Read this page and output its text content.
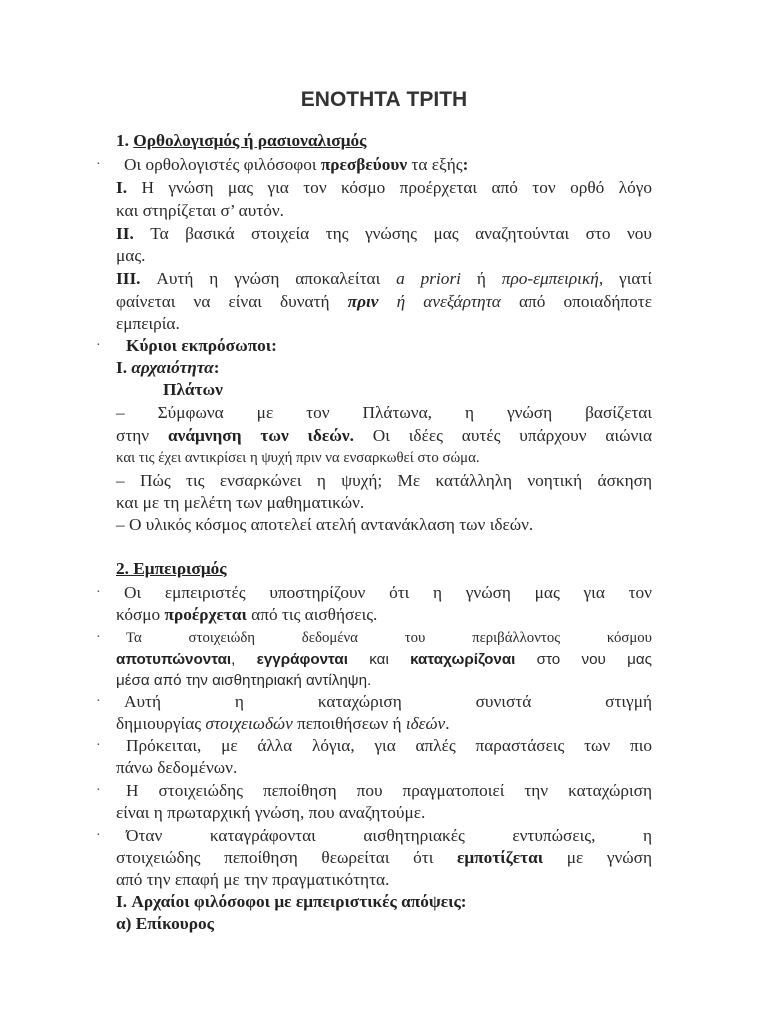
ΕΝΟΤΗΤΑ ΤΡΙΤΗ
1. Ορθολογισμός ή ρασιοναλισμός
· Οι ορθολογιστές φιλόσοφοι πρεσβεύουν τα εξής:
I. Η γνώση μας για τον κόσμο προέρχεται από τον ορθό λόγο
και στηρίζεται σ’ αυτόν.
II. Τα βασικά στοιχεία της γνώσης μας αναζητούνται στο νου
μας.
III. Αυτή η γνώση αποκαλείται a priori ή προ-εμπειρική, γιατί
φαίνεται να είναι δυνατή πριν ή ανεξάρτητα από οποιαδήποτε
εμπειρία.
· Κύριοι εκπρόσωποι:
I. αρχαιότητα:
Πλάτων
– Σύμφωνα με τον Πλάτωνα, η γνώση βασίζεται
στην ανάμνηση των ιδεών. Οι ιδέες αυτές υπάρχουν αιώνια
και τις έχει αντικρίσει η ψυχή πριν να ενσαρκωθεί στο σώμα.
– Πώς τις ενσαρκώνει η ψυχή; Με κατάλληλη νοητική άσκηση
και με τη μελέτη των μαθηματικών.
– Ο υλικός κόσμος αποτελεί ατελή αντανάκλαση των ιδεών.
2. Εμπειρισμός
· Οι εμπειριστές υποστηρίζουν ότι η γνώση μας για τον
κόσμο προέρχεται από τις αισθήσεις.
· Τα στοιχειώδη δεδομένα του περιβάλλοντος κόσμου
αποτυπώνονται, εγγράφονται και καταχωρίζοναι στο νου μας
μέσα από την αισθητηριακή αντίληψη.
· Αυτή η καταχώριση συνιστά στιγμή
δημιουργίας στοιχειωδών πεποιθήσεων ή ιδεών.
· Πρόκειται, με άλλα λόγια, για απλές παραστάσεις των πιο
πάνω δεδομένων.
· Η στοιχειώδης πεποίθηση που πραγματοποιεί την καταχώριση
είναι η πρωταρχική γνώση, που αναζητούμε.
· Όταν καταγράφονται αισθητηριακές εντυπώσεις, η
στοιχειώδης πεποίθηση θεωρείται ότι εμποτίζεται με γνώση
από την επαφή με την πραγματικότητα.
I. Αρχαίοι φιλόσοφοι με εμπειριστικές απόψεις:
α) Επίκουρος
